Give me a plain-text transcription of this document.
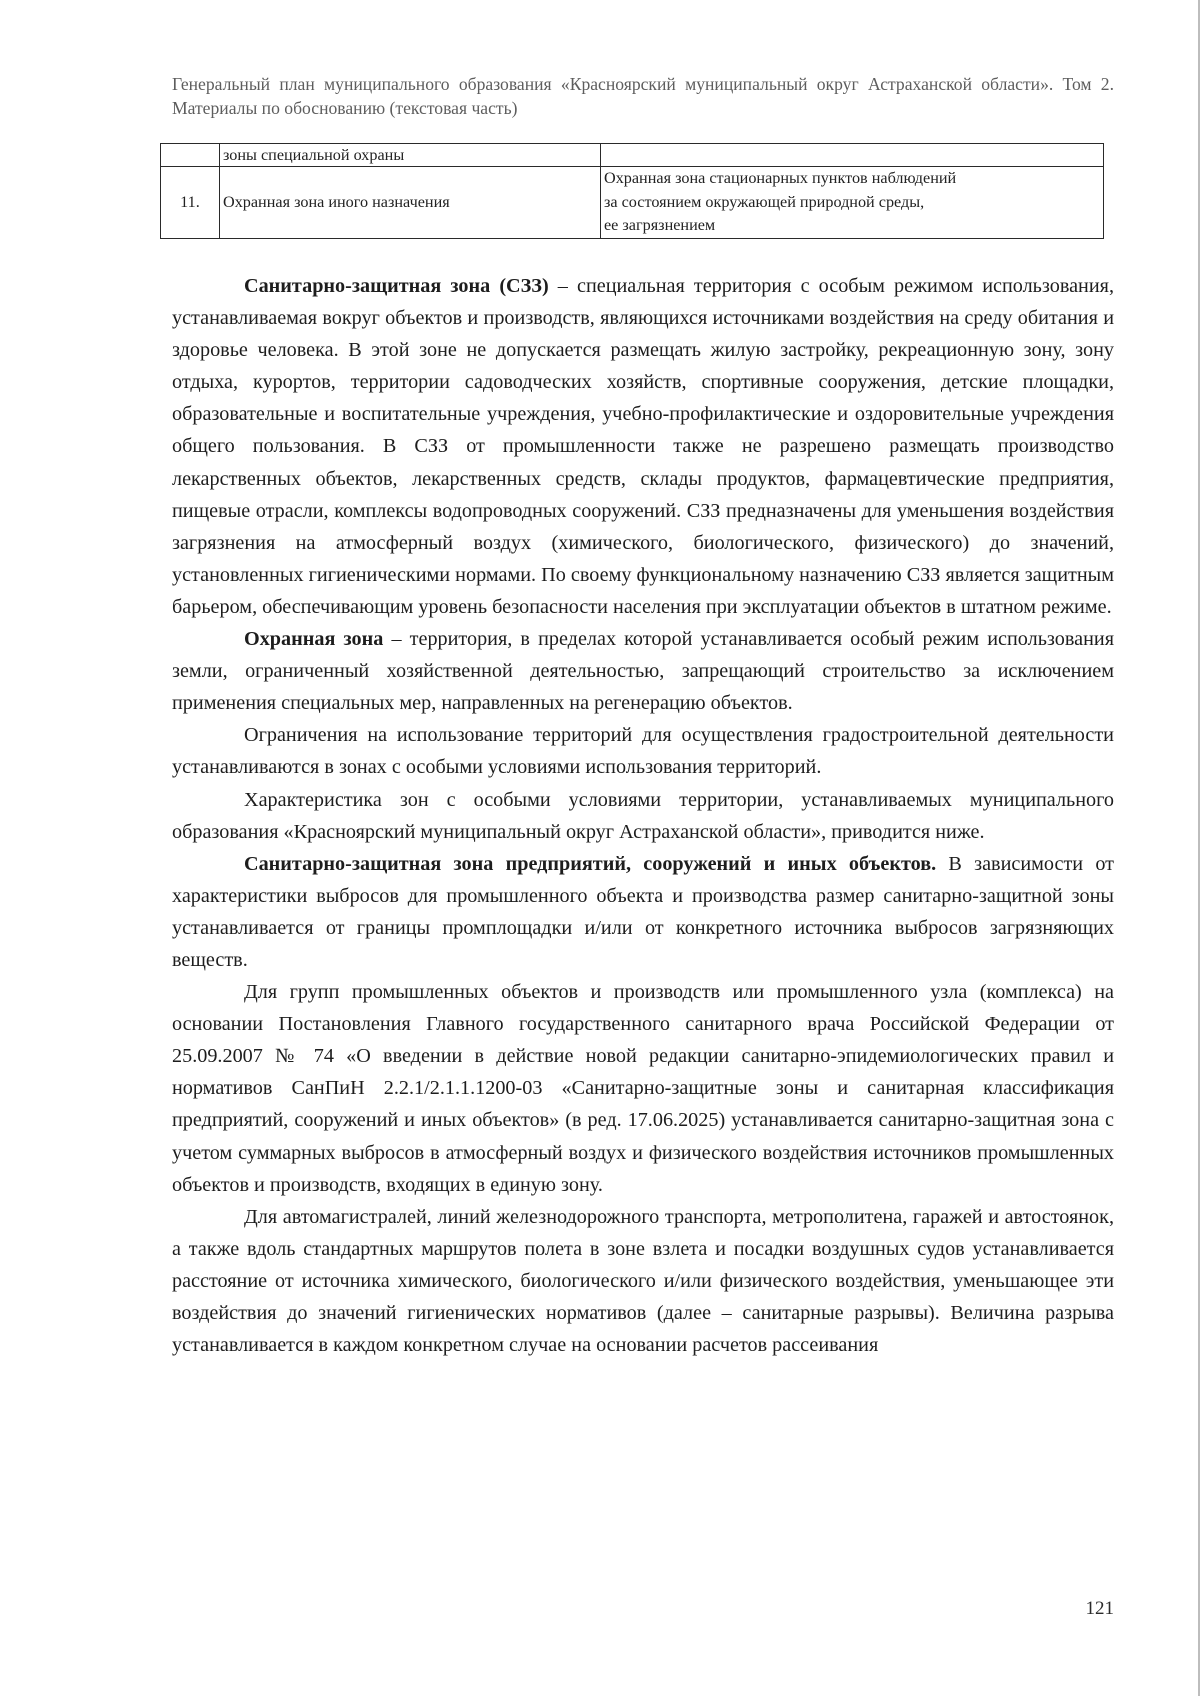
Генеральный план муниципального образования «Красноярский муниципальный округ Астраханской области». Том 2. Материалы по обоснованию (текстовая часть)
	зоны специальной охраны	
11.	Охранная зона иного назначения	Охранная зона стационарных пунктов наблюдений
за состоянием окружающей природной среды,
ее загрязнением

Санитарно-защитная зона (СЗЗ) – специальная территория с особым режимом использования, устанавливаемая вокруг объектов и производств, являющихся источниками воздействия на среду обитания и здоровье человека. В этой зоне не допускается размещать жилую застройку, рекреационную зону, зону отдыха, курортов, территории садоводческих хозяйств, спортивные сооружения, детские площадки, образовательные и воспитательные учреждения, учебно-профилактические и оздоровительные учреждения общего пользования. В СЗЗ от промышленности также не разрешено размещать производство лекарственных объектов, лекарственных средств, склады продуктов, фармацевтические предприятия, пищевые отрасли, комплексы водопроводных сооружений. СЗЗ предназначены для уменьшения воздействия загрязнения на атмосферный воздух (химического, биологического, физического) до значений, установленных гигиеническими нормами. По своему функциональному назначению СЗЗ является защитным барьером, обеспечивающим уровень безопасности населения при эксплуатации объектов в штатном режиме.

Охранная зона – территория, в пределах которой устанавливается особый режим использования земли, ограниченный хозяйственной деятельностью, запрещающий строительство за исключением применения специальных мер, направленных на регенерацию объектов.

Ограничения на использование территорий для осуществления градостроительной деятельности устанавливаются в зонах с особыми условиями использования территорий.

Характеристика зон с особыми условиями территории, устанавливаемых муниципального образования «Красноярский муниципальный округ Астраханской области», приводится ниже.

Санитарно-защитная зона предприятий, сооружений и иных объектов. В зависимости от характеристики выбросов для промышленного объекта и производства размер санитарно-защитной зоны устанавливается от границы промплощадки и/или от конкретного источника выбросов загрязняющих веществ.

Для групп промышленных объектов и производств или промышленного узла (комплекса) на основании Постановления Главного государственного санитарного врача Российской Федерации от 25.09.2007 № 74 «О введении в действие новой редакции санитарно-эпидемиологических правил и нормативов СанПиН 2.2.1/2.1.1.1200-03 «Санитарно-защитные зоны и санитарная классификация предприятий, сооружений и иных объектов» (в ред. 17.06.2025) устанавливается санитарно-защитная зона с учетом суммарных выбросов в атмосферный воздух и физического воздействия источников промышленных объектов и производств, входящих в единую зону.

Для автомагистралей, линий железнодорожного транспорта, метрополитена, гаражей и автостоянок, а также вдоль стандартных маршрутов полета в зоне взлета и посадки воздушных судов устанавливается расстояние от источника химического, биологического и/или физического воздействия, уменьшающее эти воздействия до значений гигиенических нормативов (далее – санитарные разрывы). Величина разрыва устанавливается в каждом конкретном случае на основании расчетов рассеивания

121
